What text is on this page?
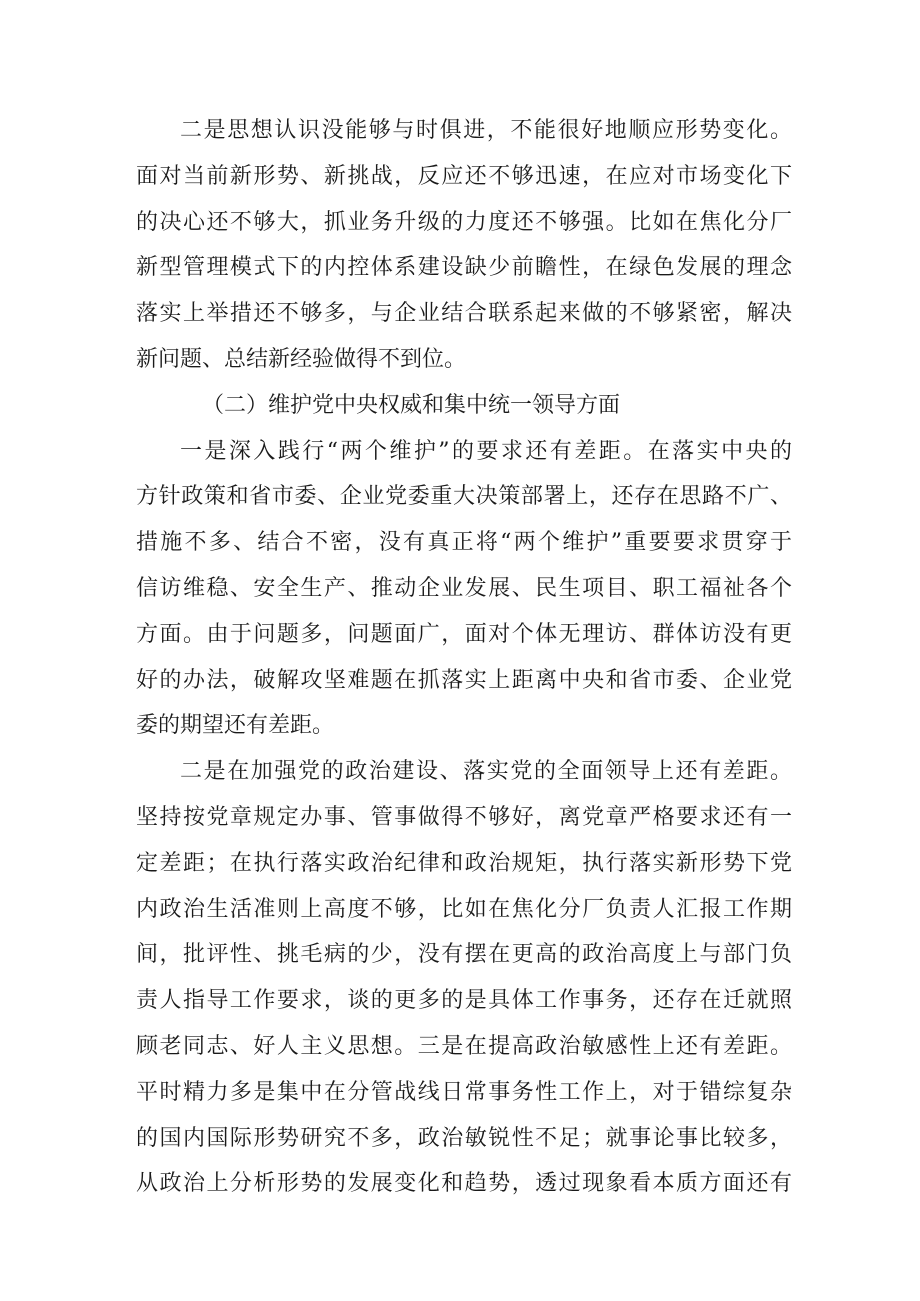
二是思想认识没能够与时俱进，不能很好地顺应形势变化。
面对当前新形势、新挑战，反应还不够迅速，在应对市场变化下
的决心还不够大，抓业务升级的力度还不够强。比如在焦化分厂
新型管理模式下的内控体系建设缺少前瞻性，在绿色发展的理念
落实上举措还不够多，与企业结合联系起来做的不够紧密，解决
新问题、总结新经验做得不到位。
（二）维护党中央权威和集中统一领导方面
一是深入践行“两个维护”的要求还有差距。在落实中央的
方针政策和省市委、企业党委重大决策部署上，还存在思路不广、
措施不多、结合不密，没有真正将“两个维护”重要要求贯穿于
信访维稳、安全生产、推动企业发展、民生项目、职工福祉各个
方面。由于问题多，问题面广，面对个体无理访、群体访没有更
好的办法，破解攻坚难题在抓落实上距离中央和省市委、企业党
委的期望还有差距。
二是在加强党的政治建设、落实党的全面领导上还有差距。
坚持按党章规定办事、管事做得不够好，离党章严格要求还有一
定差距；在执行落实政治纪律和政治规矩，执行落实新形势下党
内政治生活准则上高度不够，比如在焦化分厂负责人汇报工作期
间，批评性、挑毛病的少，没有摆在更高的政治高度上与部门负
责人指导工作要求，谈的更多的是具体工作事务，还存在迁就照
顾老同志、好人主义思想。三是在提高政治敏感性上还有差距。
平时精力多是集中在分管战线日常事务性工作上，对于错综复杂
的国内国际形势研究不多，政治敏锐性不足；就事论事比较多，
从政治上分析形势的发展变化和趋势，透过现象看本质方面还有
